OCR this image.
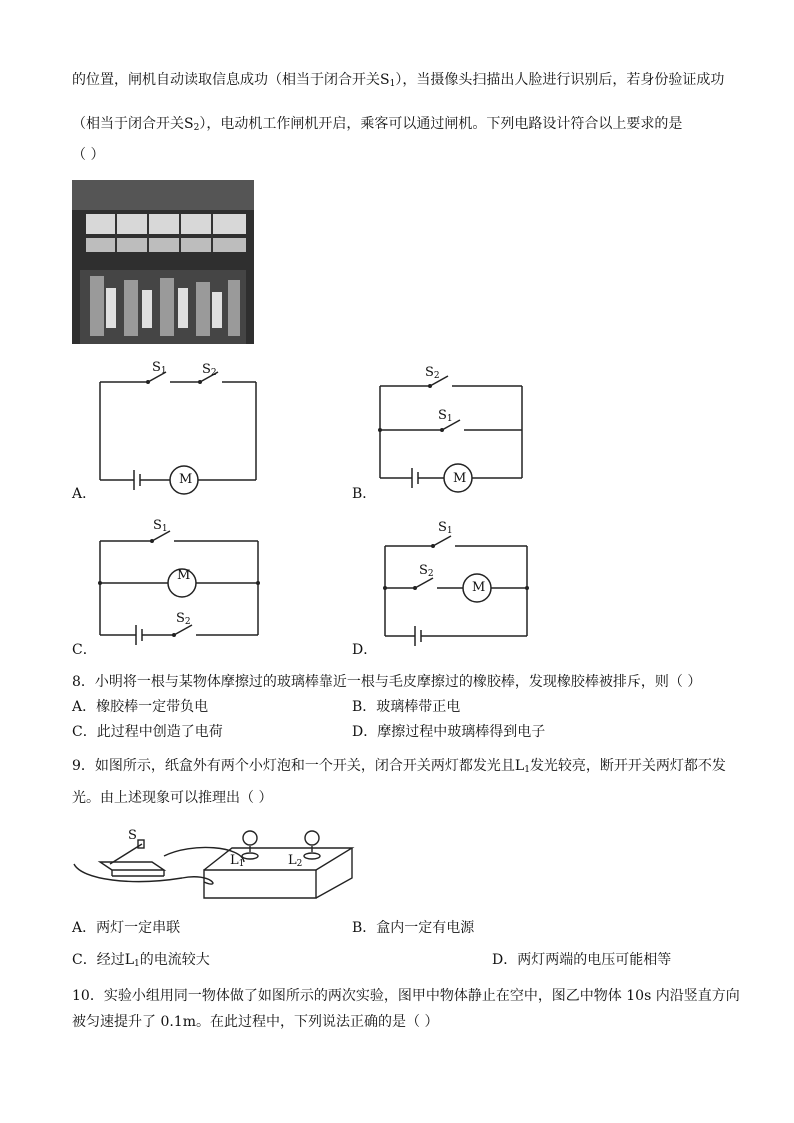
的位置，闸机自动读取信息成功（相当于闭合开关$S_1$），当摄像头扫描出人脸进行识别后，若身份验证成功
（相当于闭合开关$S_2$），电动机工作闸机开启，乘客可以通过闸机。下列电路设计符合以上要求的是
（ ）
$S_1$	$S_2$
M
A．
$S_2$
$S_1$
M
B．
$S_1$
M
$S_2$
C．
$S_1$
$S_2$
M
D．
8．小明将一根与某物体摩擦过的玻璃棒靠近一根与毛皮摩擦过的橡胶棒，发现橡胶棒被排斥，则（ ）
A．橡胶棒一定带负电	B．玻璃棒带正电
C．此过程中创造了电荷	D．摩擦过程中玻璃棒得到电子
9．如图所示，纸盒外有两个小灯泡和一个开关，闭合开关两灯都发光且$L_1$发光较亮，断开开关两灯都不发
光。由上述现象可以推理出（ ）
S
$L_1$	$L_2$
A．两灯一定串联	B．盒内一定有电源
C．经过$L_1$的电流较大	D．两灯两端的电压可能相等
10．实验小组用同一物体做了如图所示的两次实验，图甲中物体静止在空中，图乙中物体 10s 内沿竖直方向
被匀速提升了 0.1m。在此过程中，下列说法正确的是（ ）
